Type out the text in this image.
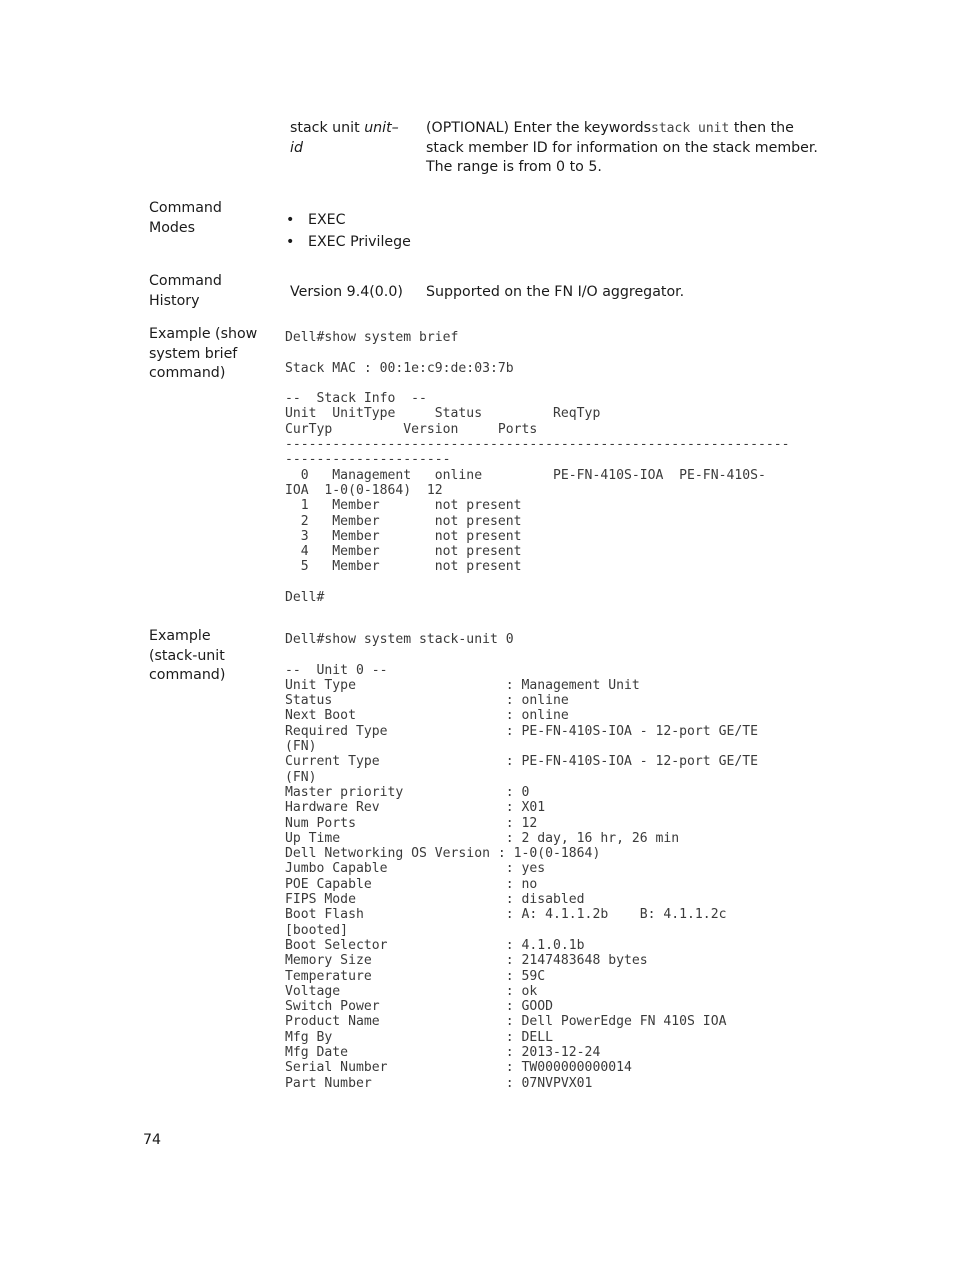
stack unit unit– id
(OPTIONAL) Enter the keywordsstack unit then the stack member ID for information on the stack member. The range is from 0 to 5.
Command Modes
•	EXEC
• EXEC Privilege
Command History
Version 9.4(0.0) Supported on the FN I/O aggregator.
Example (show system brief command)
Dell#show system brief

Stack MAC : 00:1e:c9:de:03:7b

--  Stack Info  --
Unit  UnitType     Status         ReqTyp
CurTyp         Version     Ports
----------------------------------------------------------------
---------------------
0   Management   online         PE-FN-410S-IOA  PE-FN-410S-
IOA  1-0(0-1864)  12
1   Member       not present
2   Member       not present
3   Member       not present
4   Member       not present
5   Member       not present

Dell#
Example (stack-unit command)
Dell#show system stack-unit 0

--  Unit 0 --
Unit Type                   : Management Unit
Status                      : online
Next Boot                   : online
Required Type               : PE-FN-410S-IOA - 12-port GE/TE
(FN)
Current Type                : PE-FN-410S-IOA - 12-port GE/TE
(FN)
Master priority             : 0
Hardware Rev                : X01
Num Ports                   : 12
Up Time                     : 2 day, 16 hr, 26 min
Dell Networking OS Version : 1-0(0-1864)
Jumbo Capable               : yes
POE Capable                 : no
FIPS Mode                   : disabled
Boot Flash                  : A: 4.1.1.2b    B: 4.1.1.2c
[booted]
Boot Selector               : 4.1.0.1b
Memory Size                 : 2147483648 bytes
Temperature                 : 59C
Voltage                     : ok
Switch Power                : GOOD
Product Name                : Dell PowerEdge FN 410S IOA
Mfg By                      : DELL
Mfg Date                    : 2013-12-24
Serial Number               : TW000000000014
Part Number                 : 07NVPVX01
74
